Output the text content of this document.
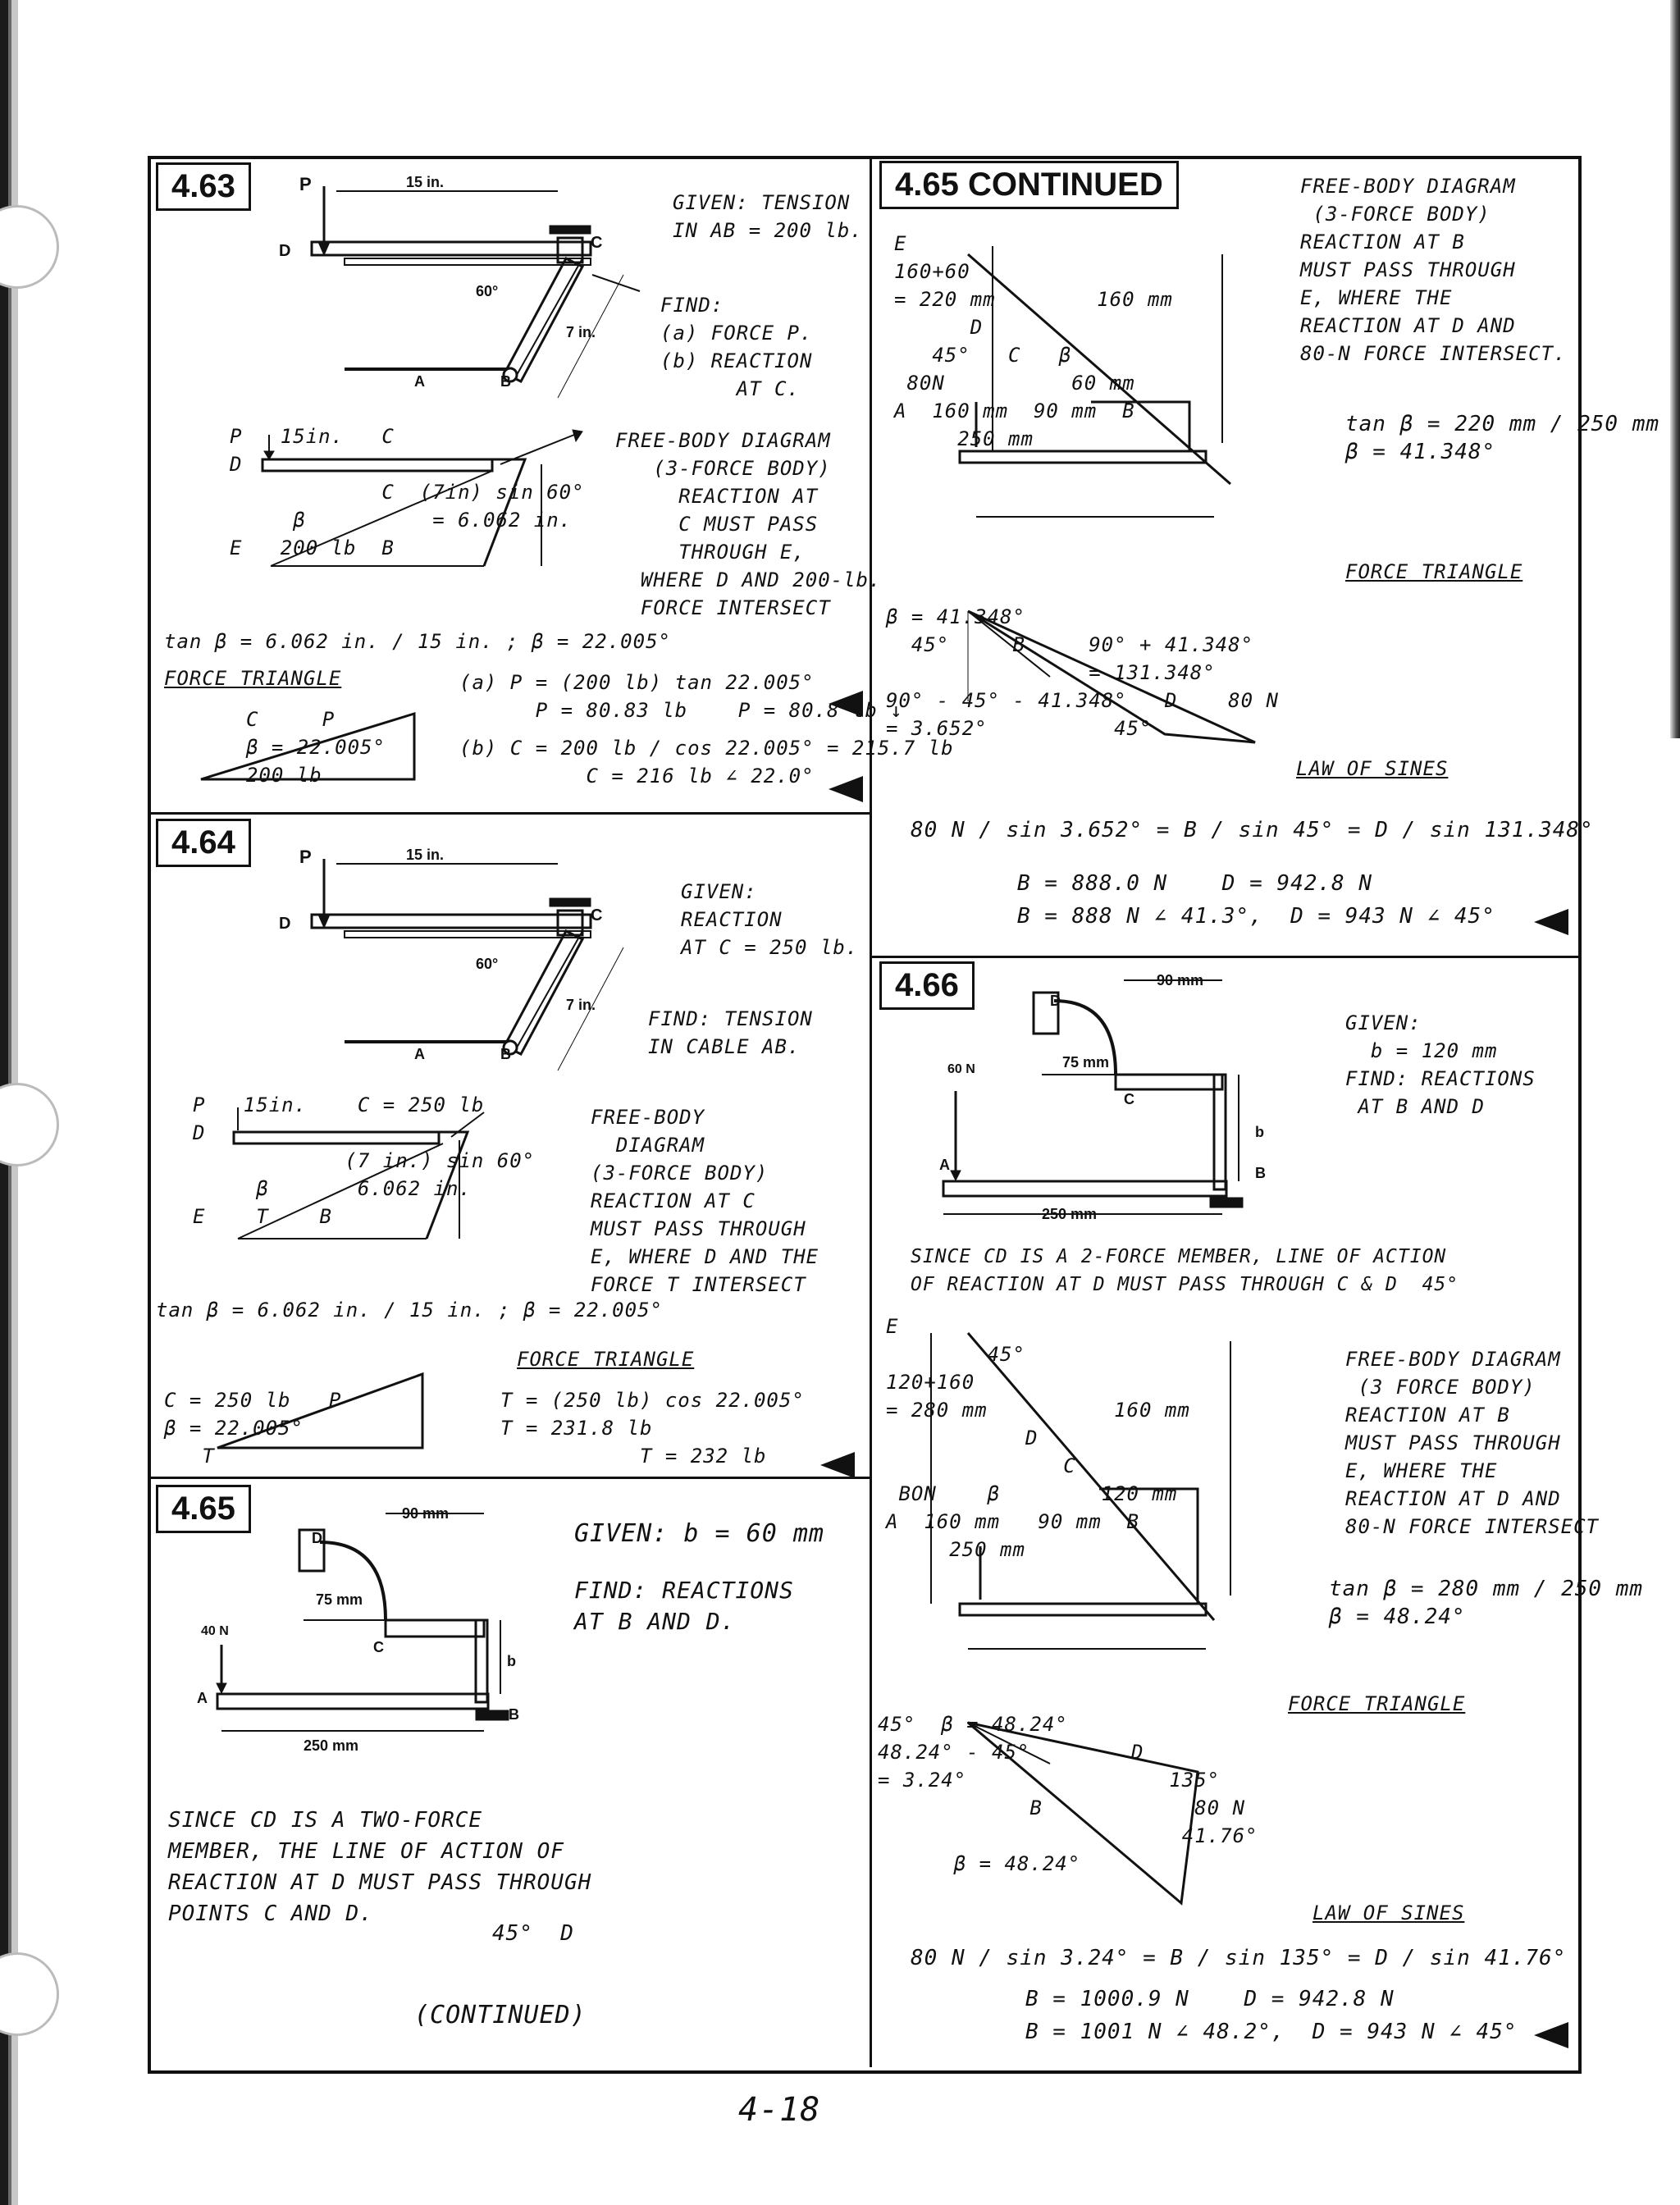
4.63	P	15 in.
D	C
60°
7 in.
A	B
GIVEN: TENSION
IN AB = 200 lb.
FIND:
(a) FORCE P.
(b) REACTION
AT C.
P   15in.   C
D
C  (7in) sin 60°
β          = 6.062 in.
E   200 lb  B
FREE-BODY DIAGRAM
(3-FORCE BODY)
REACTION AT
C MUST PASS
THROUGH E,
WHERE D AND 200-lb.
FORCE INTERSECT
tan β = 6.062 in. / 15 in. ; β = 22.005°
FORCE TRIANGLE
C     P
β = 22.005°
200 lb
(a) P = (200 lb) tan 22.005°
P = 80.83 lb    P = 80.8 lb ↓
(b) C = 200 lb / cos 22.005° = 215.7 lb
C = 216 lb ∠ 22.0°
4.64	P	15 in.
D	C
60°
7 in.
A	B
GIVEN:
REACTION
AT C = 250 lb.
FIND: TENSION
IN CABLE AB.
P   15in.    C = 250 lb
D
(7 in.) sin 60°
β       6.062 in.
E    T    B
FREE-BODY
DIAGRAM
(3-FORCE BODY)
REACTION AT C
MUST PASS THROUGH
E, WHERE D AND THE
FORCE T INTERSECT
tan β = 6.062 in. / 15 in. ; β = 22.005°
FORCE TRIANGLE
C = 250 lb   P
β = 22.005°
T
T = (250 lb) cos 22.005°
T = 231.8 lb
T = 232 lb
4.65	90 mm
D
75 mm
40 N
C
b
A
B
250 mm
GIVEN: b = 60 mm
FIND: REACTIONS
AT B AND D.
SINCE CD IS A TWO-FORCE
MEMBER, THE LINE OF ACTION OF
REACTION AT D MUST PASS THROUGH
POINTS C AND D.
45°  D
(CONTINUED)
4.65 CONTINUED	FREE-BODY DIAGRAM
(3-FORCE BODY)
REACTION AT B
MUST PASS THROUGH
E, WHERE THE
REACTION AT D AND
80-N FORCE INTERSECT.
E
160+60
= 220 mm        160 mm
D
45°   C   β
80N          60 mm
A  160 mm  90 mm  B
250 mm
tan β = 220 mm / 250 mm
β = 41.348°
FORCE TRIANGLE
β = 41.348°
45°     B     90° + 41.348°
= 131.348°
90° - 45° - 41.348°   D    80 N
= 3.652°          45°
LAW OF SINES
80 N / sin 3.652° = B / sin 45° = D / sin 131.348°
B = 888.0 N    D = 942.8 N
B = 888 N ∠ 41.3°,  D = 943 N ∠ 45°
4.66	90 mm
D
75 mm
60 N
C
b
A	B
250 mm
GIVEN:
b = 120 mm
FIND: REACTIONS
AT B AND D
SINCE CD IS A 2-FORCE MEMBER, LINE OF ACTION
OF REACTION AT D MUST PASS THROUGH C & D  45°
FREE-BODY DIAGRAM
(3 FORCE BODY)
REACTION AT B
MUST PASS THROUGH
E, WHERE THE
REACTION AT D AND
80-N FORCE INTERSECT
E
45°
120+160
= 280 mm          160 mm
D
C
BON    β        120 mm
A  160 mm   90 mm  B
250 mm
tan β = 280 mm / 250 mm
β = 48.24°
FORCE TRIANGLE
45°  β = 48.24°
48.24° - 45°        D
= 3.24°                135°
B            80 N
41.76°
β = 48.24°
LAW OF SINES
80 N / sin 3.24° = B / sin 135° = D / sin 41.76°
B = 1000.9 N    D = 942.8 N
B = 1001 N ∠ 48.2°,  D = 943 N ∠ 45°
4-18
